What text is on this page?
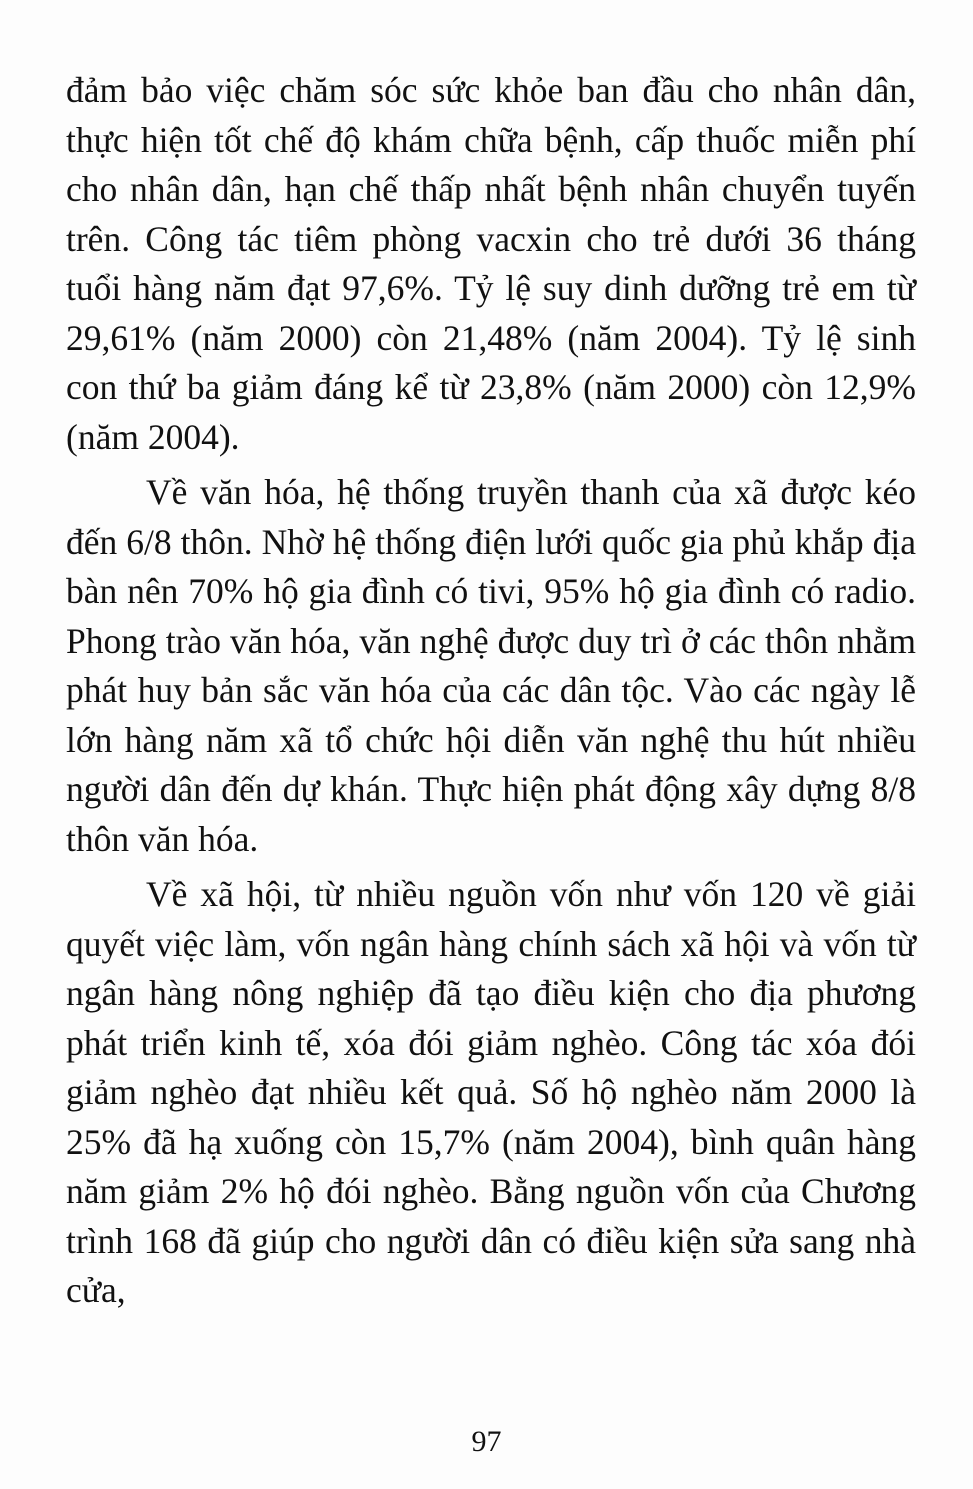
đảm bảo việc chăm sóc sức khỏe ban đầu cho nhân dân, thực hiện tốt chế độ khám chữa bệnh, cấp thuốc miễn phí cho nhân dân, hạn chế thấp nhất bệnh nhân chuyển tuyến trên. Công tác tiêm phòng vacxin cho trẻ dưới 36 tháng tuổi hàng năm đạt 97,6%. Tỷ lệ suy dinh dưỡng trẻ em từ 29,61% (năm 2000) còn 21,48% (năm 2004). Tỷ lệ sinh con thứ ba giảm đáng kể từ 23,8% (năm 2000) còn 12,9% (năm 2004).

Về văn hóa, hệ thống truyền thanh của xã được kéo đến 6/8 thôn. Nhờ hệ thống điện lưới quốc gia phủ khắp địa bàn nên 70% hộ gia đình có tivi, 95% hộ gia đình có radio. Phong trào văn hóa, văn nghệ được duy trì ở các thôn nhằm phát huy bản sắc văn hóa của các dân tộc. Vào các ngày lễ lớn hàng năm xã tổ chức hội diễn văn nghệ thu hút nhiều người dân đến dự khán. Thực hiện phát động xây dựng 8/8 thôn văn hóa.

Về xã hội, từ nhiều nguồn vốn như vốn 120 về giải quyết việc làm, vốn ngân hàng chính sách xã hội và vốn từ ngân hàng nông nghiệp đã tạo điều kiện cho địa phương phát triển kinh tế, xóa đói giảm nghèo. Công tác xóa đói giảm nghèo đạt nhiều kết quả. Số hộ nghèo năm 2000 là 25% đã hạ xuống còn 15,7% (năm 2004), bình quân hàng năm giảm 2% hộ đói nghèo. Bằng nguồn vốn của Chương trình 168 đã giúp cho người dân có điều kiện sửa sang nhà cửa,

97
